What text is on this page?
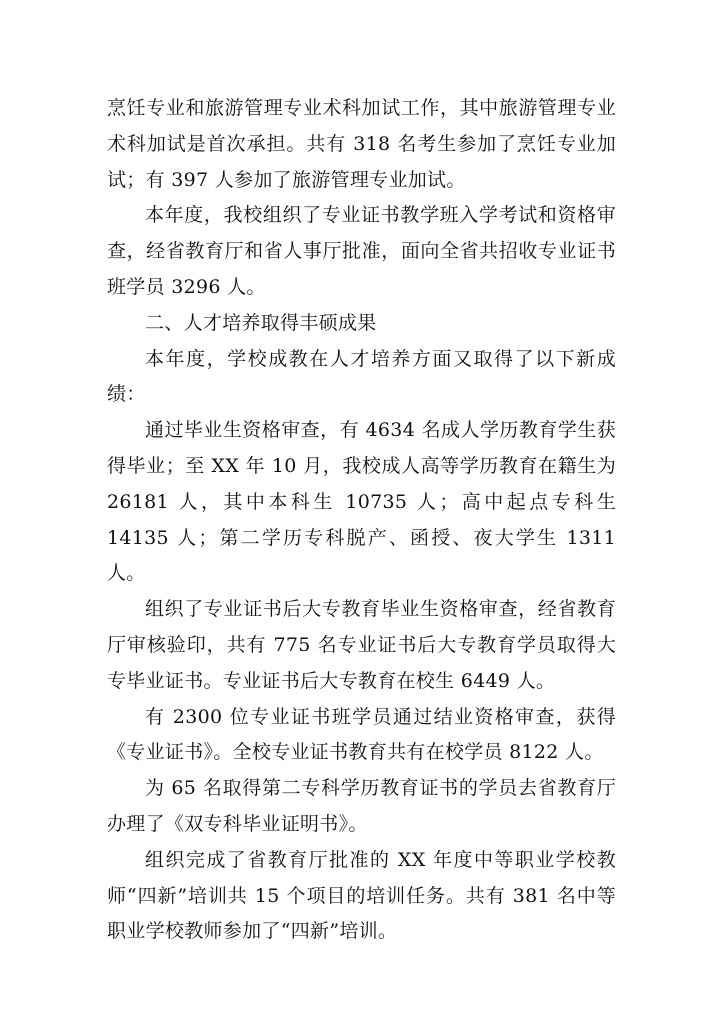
烹饪专业和旅游管理专业术科加试工作，其中旅游管理专业术科加试是首次承担。共有 318 名考生参加了烹饪专业加试；有 397 人参加了旅游管理专业加试。

本年度，我校组织了专业证书教学班入学考试和资格审查，经省教育厅和省人事厅批准，面向全省共招收专业证书班学员 3296 人。

二、人才培养取得丰硕成果

本年度，学校成教在人才培养方面又取得了以下新成绩：

通过毕业生资格审查，有 4634 名成人学历教育学生获得毕业；至 XX 年 10 月，我校成人高等学历教育在籍生为 26181 人，其中本科生 10735 人；高中起点专科生 14135 人；第二学历专科脱产、函授、夜大学生 1311 人。

组织了专业证书后大专教育毕业生资格审查，经省教育厅审核验印，共有 775 名专业证书后大专教育学员取得大专毕业证书。专业证书后大专教育在校生 6449 人。

有 2300 位专业证书班学员通过结业资格审查，获得《专业证书》。全校专业证书教育共有在校学员 8122 人。

为 65 名取得第二专科学历教育证书的学员去省教育厅办理了《双专科毕业证明书》。

组织完成了省教育厅批准的 XX 年度中等职业学校教师“四新”培训共 15 个项目的培训任务。共有 381 名中等职业学校教师参加了“四新”培训。
